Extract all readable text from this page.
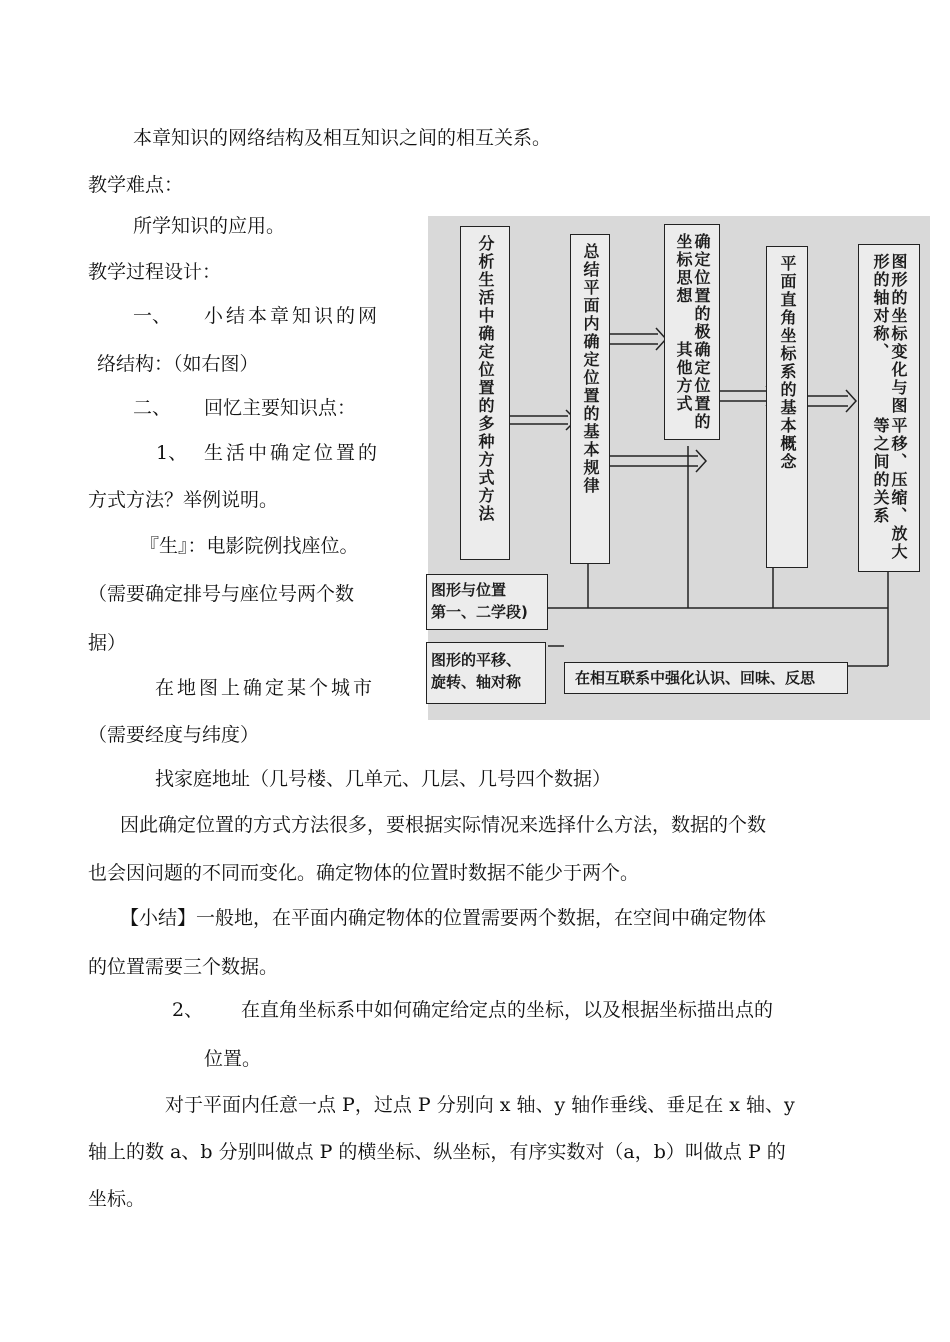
本章知识的网络结构及相互知识之间的相互关系。
教学难点：
所学知识的应用。
教学过程设计：
一、 小结本章知识的网
络结构：（如右图）
二、 回忆主要知识点：
1、 生活中确定位置的
方式方法？举例说明。
『生』：电影院例找座位。
（需要确定排号与座位号两个数
据）
在地图上确定某个城市
（需要经度与纬度）
找家庭地址（几号楼、几单元、几层、几号四个数据）
因此确定位置的方式方法很多，要根据实际情况来选择什么方法，数据的个数
也会因问题的不同而变化。确定物体的位置时数据不能少于两个。
【小结】一般地，在平面内确定物体的位置需要两个数据，在空间中确定物体
的位置需要三个数据。
2、 在直角坐标系中如何确定给定点的坐标，以及根据坐标描出点的
位置。
对于平面内任意一点 P，过点 P 分别向 x 轴、y 轴作垂线、垂足在 x 轴、y
轴上的数 a、b 分别叫做点 P 的横坐标、纵坐标，有序实数对（a，b）叫做点 P 的
坐标。
分析生活中确定位置的多种方式方法	总结平面内确定位置的基本规律	确定位置的其他方式
确定位置的极坐标思想	平面直角坐标系的基本概念
平移、压缩、放大等之间的关系
图形的坐标变化与图形的轴对称、
图形与位置
第一、二学段)
图形的平移、
旋转、轴对称	在相互联系中强化认识、回味、反思
